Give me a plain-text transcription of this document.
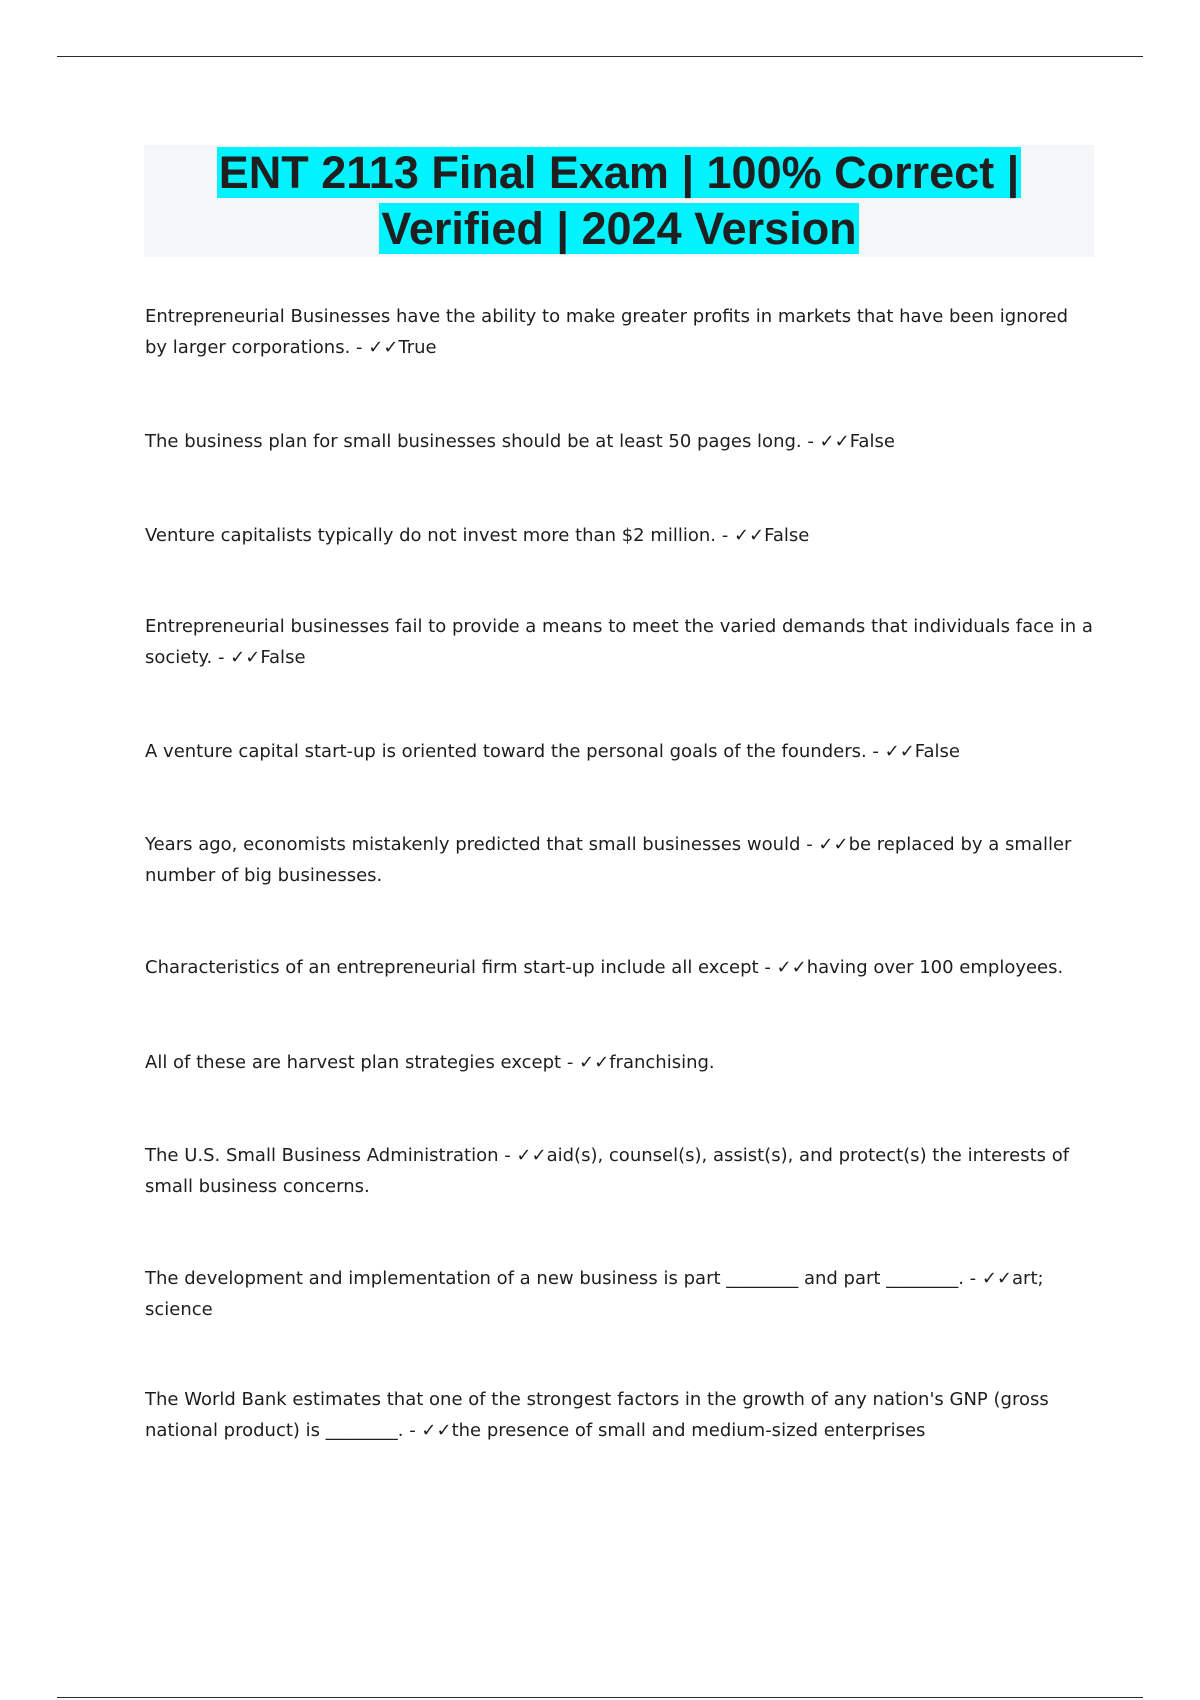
ENT 2113 Final Exam | 100% Correct | Verified | 2024 Version

Entrepreneurial Businesses have the ability to make greater profits in markets that have been ignored by larger corporations. - ✓✓True

The business plan for small businesses should be at least 50 pages long. - ✓✓False

Venture capitalists typically do not invest more than $2 million. - ✓✓False

Entrepreneurial businesses fail to provide a means to meet the varied demands that individuals face in a society. - ✓✓False

A venture capital start-up is oriented toward the personal goals of the founders. - ✓✓False

Years ago, economists mistakenly predicted that small businesses would - ✓✓be replaced by a smaller number of big businesses.

Characteristics of an entrepreneurial firm start-up include all except - ✓✓having over 100 employees.

All of these are harvest plan strategies except - ✓✓franchising.

The U.S. Small Business Administration - ✓✓aid(s), counsel(s), assist(s), and protect(s) the interests of small business concerns.

The development and implementation of a new business is part ________ and part ________. - ✓✓art; science

The World Bank estimates that one of the strongest factors in the growth of any nation's GNP (gross national product) is ________. - ✓✓the presence of small and medium-sized enterprises
